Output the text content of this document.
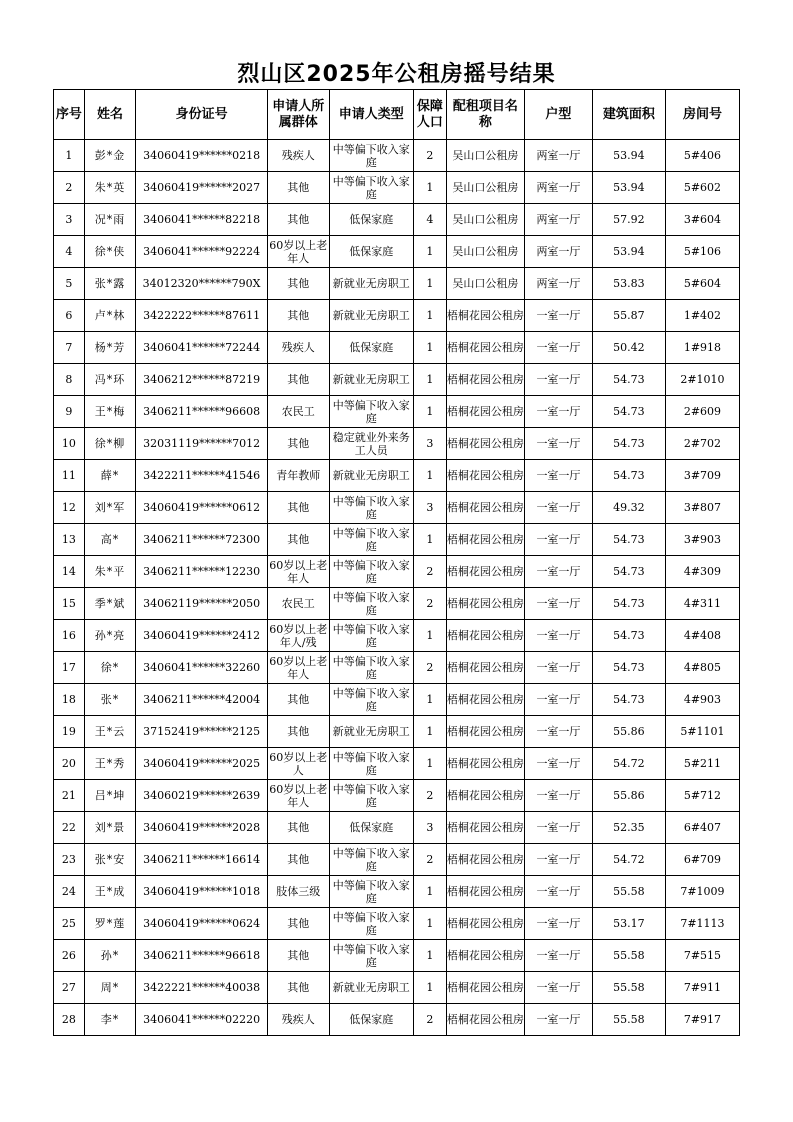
烈山区2025年公租房摇号结果
序号	姓名	身份证号	申请人所属群体	申请人类型	保障人口	配租项目名称	户型	建筑面积	房间号
1	彭*金	34060419******0218	残疾人	中等偏下收入家庭	2	吴山口公租房	两室一厅	53.94	5#406
2	朱*英	34060419******2027	其他	中等偏下收入家庭	1	吴山口公租房	两室一厅	53.94	5#602
3	况*雨	3406041******82218	其他	低保家庭	4	吴山口公租房	两室一厅	57.92	3#604
4	徐*侠	3406041******92224	60岁以上老年人	低保家庭	1	吴山口公租房	两室一厅	53.94	5#106
5	张*露	34012320******790X	其他	新就业无房职工	1	吴山口公租房	两室一厅	53.83	5#604
6	卢*林	3422222******87611	其他	新就业无房职工	1	梧桐花园公租房	一室一厅	55.87	1#402
7	杨*芳	3406041******72244	残疾人	低保家庭	1	梧桐花园公租房	一室一厅	50.42	1#918
8	冯*环	3406212******87219	其他	新就业无房职工	1	梧桐花园公租房	一室一厅	54.73	2#1010
9	王*梅	3406211******96608	农民工	中等偏下收入家庭	1	梧桐花园公租房	一室一厅	54.73	2#609
10	徐*柳	32031119******7012	其他	稳定就业外来务工人员	3	梧桐花园公租房	一室一厅	54.73	2#702
11	薛*	3422211******41546	青年教师	新就业无房职工	1	梧桐花园公租房	一室一厅	54.73	3#709
12	刘*军	34060419******0612	其他	中等偏下收入家庭	3	梧桐花园公租房	一室一厅	49.32	3#807
13	高*	3406211******72300	其他	中等偏下收入家庭	1	梧桐花园公租房	一室一厅	54.73	3#903
14	朱*平	3406211******12230	60岁以上老年人	中等偏下收入家庭	2	梧桐花园公租房	一室一厅	54.73	4#309
15	季*斌	34062119******2050	农民工	中等偏下收入家庭	2	梧桐花园公租房	一室一厅	54.73	4#311
16	孙*亮	34060419******2412	60岁以上老年人/残	中等偏下收入家庭	1	梧桐花园公租房	一室一厅	54.73	4#408
17	徐*	3406041******32260	60岁以上老年人	中等偏下收入家庭	2	梧桐花园公租房	一室一厅	54.73	4#805
18	张*	3406211******42004	其他	中等偏下收入家庭	1	梧桐花园公租房	一室一厅	54.73	4#903
19	王*云	37152419******2125	其他	新就业无房职工	1	梧桐花园公租房	一室一厅	55.86	5#1101
20	王*秀	34060419******2025	60岁以上老人	中等偏下收入家庭	1	梧桐花园公租房	一室一厅	54.72	5#211
21	吕*坤	34060219******2639	60岁以上老年人	中等偏下收入家庭	2	梧桐花园公租房	一室一厅	55.86	5#712
22	刘*景	34060419******2028	其他	低保家庭	3	梧桐花园公租房	一室一厅	52.35	6#407
23	张*安	3406211******16614	其他	中等偏下收入家庭	2	梧桐花园公租房	一室一厅	54.72	6#709
24	王*成	34060419******1018	肢体三级	中等偏下收入家庭	1	梧桐花园公租房	一室一厅	55.58	7#1009
25	罗*莲	34060419******0624	其他	中等偏下收入家庭	1	梧桐花园公租房	一室一厅	53.17	7#1113
26	孙*	3406211******96618	其他	中等偏下收入家庭	1	梧桐花园公租房	一室一厅	55.58	7#515
27	周*	3422221******40038	其他	新就业无房职工	1	梧桐花园公租房	一室一厅	55.58	7#911
28	李*	3406041******02220	残疾人	低保家庭	2	梧桐花园公租房	一室一厅	55.58	7#917
